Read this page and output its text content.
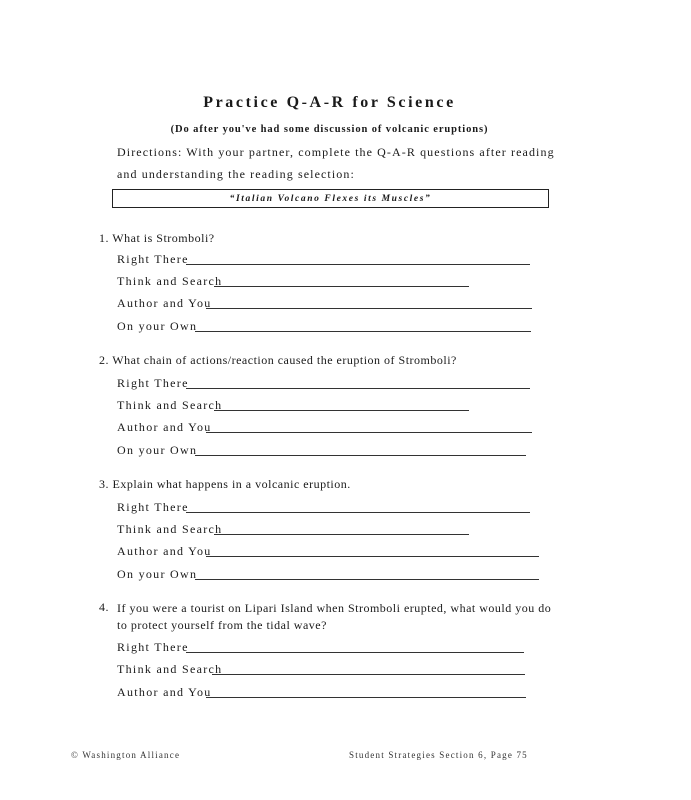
Practice Q-A-R for Science
(Do after you've had some discussion of volcanic eruptions)
Directions: With your partner, complete the Q-A-R questions after reading and understanding the reading selection:
“Italian Volcano Flexes its Muscles”
1. What is Stromboli?
Right There
Think and Search
Author and You
On your Own
2. What chain of actions/reaction caused the eruption of Stromboli?
Right There
Think and Search
Author and You
On your Own
3. Explain what happens in a volcanic eruption.
Right There
Think and Search
Author and You
On your Own
4. If you were a tourist on Lipari Island when Stromboli erupted, what would you do to protect yourself from the tidal wave?
Right There
Think and Search
Author and You
© Washington Alliance	Student Strategies Section 6, Page 75
